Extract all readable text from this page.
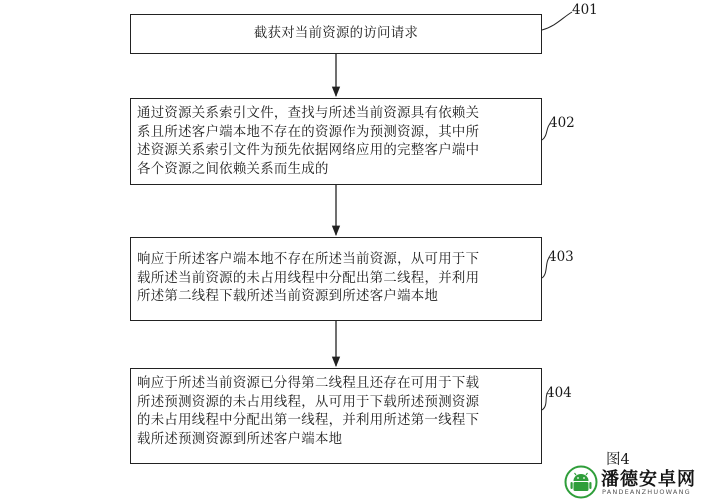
截获对当前资源的访问请求
通过资源关系索引文件，查找与所述当前资源具有依赖关
系且所述客户端本地不存在的资源作为预测资源，其中所
述资源关系索引文件为预先依据网络应用的完整客户端中
各个资源之间依赖关系而生成的
响应于所述客户端本地不存在所述当前资源，从可用于下
载所述当前资源的未占用线程中分配出第二线程，并利用
所述第二线程下载所述当前资源到所述客户端本地
响应于所述当前资源已分得第二线程且还存在可用于下载
所述预测资源的未占用线程，从可用于下载所述预测资源
的未占用线程中分配出第一线程，并利用所述第一线程下
载所述预测资源到所述客户端本地
401
402
403
404
图4
潘德安卓网
PANDEANZHUOWANG
